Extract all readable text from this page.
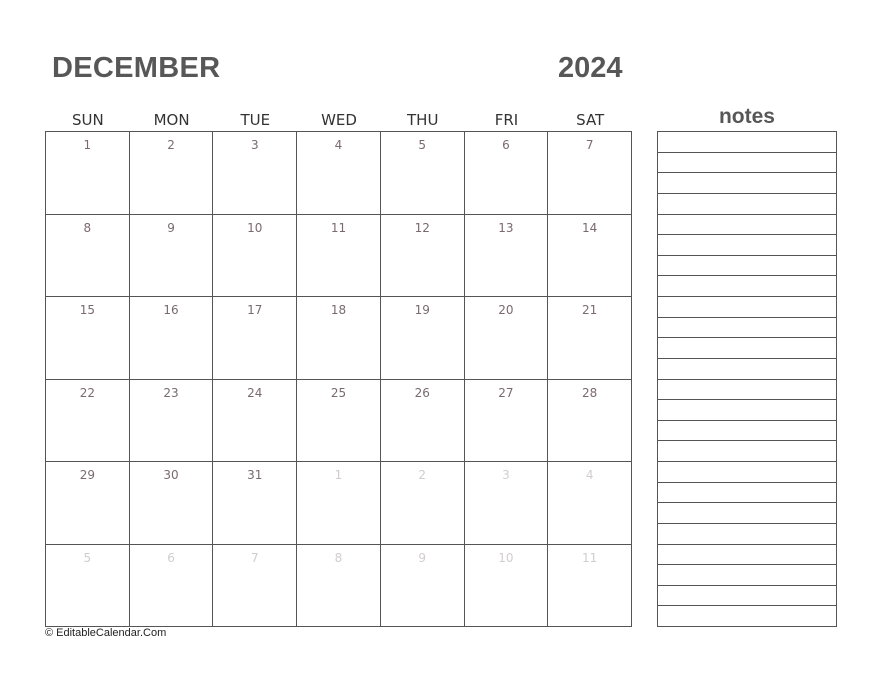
DECEMBER	2024
SUN	MON	TUE	WED	THU	FRI	SAT
1	2	3	4	5	6	7
8	9	10	11	12	13	14
15	16	17	18	19	20	21
22	23	24	25	26	27	28
29	30	31	1	2	3	4
5	6	7	8	9	10	11
notes
© EditableCalendar.Com
